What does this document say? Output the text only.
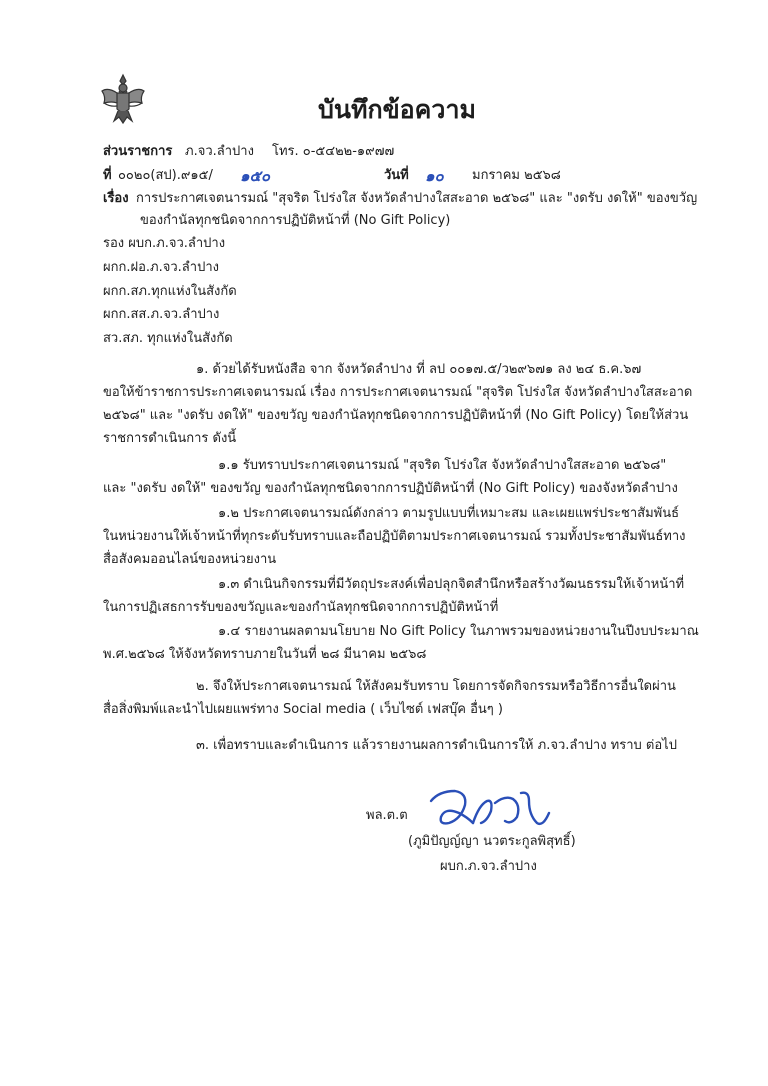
บันทึกข้อความ
ส่วนราชการ ภ.จว.ลำปาง โทร. ๐-๕๔๒๒-๑๙๗๗
ที่ ๐๐๒๐(สป).๙๑๕/ ๑๕๐	วันที่ ๑๐ มกราคม ๒๕๖๘
เรื่อง การประกาศเจตนารมณ์ "สุจริต โปร่งใส จังหวัดลำปางใสสะอาด ๒๕๖๘" และ "งดรับ งดให้" ของขวัญ
ของกำนัลทุกชนิดจากการปฏิบัติหน้าที่ (No Gift Policy)
รอง ผบก.ภ.จว.ลำปาง
ผกก.ฝอ.ภ.จว.ลำปาง
ผกก.สภ.ทุกแห่งในสังกัด
ผกก.สส.ภ.จว.ลำปาง
สว.สภ. ทุกแห่งในสังกัด
๑. ด้วยได้รับหนังสือ จาก จังหวัดลำปาง ที่ ลป ๐๐๑๗.๕/ว๒๙๖๗๑ ลง ๒๔ ธ.ค.๖๗
ขอให้ข้าราชการประกาศเจตนารมณ์ เรื่อง การประกาศเจตนารมณ์ "สุจริต โปร่งใส จังหวัดลำปางใสสะอาด
๒๕๖๘" และ "งดรับ งดให้" ของขวัญ ของกำนัลทุกชนิดจากการปฏิบัติหน้าที่ (No Gift Policy) โดยให้ส่วน
ราชการดำเนินการ ดังนี้
๑.๑ รับทราบประกาศเจตนารมณ์ "สุจริต โปร่งใส จังหวัดลำปางใสสะอาด ๒๕๖๘"
และ "งดรับ งดให้" ของขวัญ ของกำนัลทุกชนิดจากการปฏิบัติหน้าที่ (No Gift Policy) ของจังหวัดลำปาง
๑.๒ ประกาศเจตนารมณ์ดังกล่าว ตามรูปแบบที่เหมาะสม และเผยแพร่ประชาสัมพันธ์
ในหน่วยงานให้เจ้าหน้าที่ทุกระดับรับทราบและถือปฏิบัติตามประกาศเจตนารมณ์ รวมทั้งประชาสัมพันธ์ทาง
สื่อสังคมออนไลน์ของหน่วยงาน
๑.๓ ดำเนินกิจกรรมที่มีวัตถุประสงค์เพื่อปลุกจิตสำนึกหรือสร้างวัฒนธรรมให้เจ้าหน้าที่
ในการปฏิเสธการรับของขวัญและของกำนัลทุกชนิดจากการปฏิบัติหน้าที่
๑.๔ รายงานผลตามนโยบาย No Gift Policy ในภาพรวมของหน่วยงานในปีงบประมาณ
พ.ศ.๒๕๖๘ ให้จังหวัดทราบภายในวันที่ ๒๘ มีนาคม ๒๕๖๘
๒. จึงให้ประกาศเจตนารมณ์ ให้สังคมรับทราบ โดยการจัดกิจกรรมหรือวิธีการอื่นใดผ่าน
สื่อสิ่งพิมพ์และนำไปเผยแพร่ทาง Social media ( เว็บไซต์ เฟสบุ๊ค อื่นๆ )
๓. เพื่อทราบและดำเนินการ แล้วรายงานผลการดำเนินการให้ ภ.จว.ลำปาง ทราบ ต่อไป
พล.ต.ต
(ภูมิปัญญ์ญา นวตระกูลพิสุทธิ์)
ผบก.ภ.จว.ลำปาง
